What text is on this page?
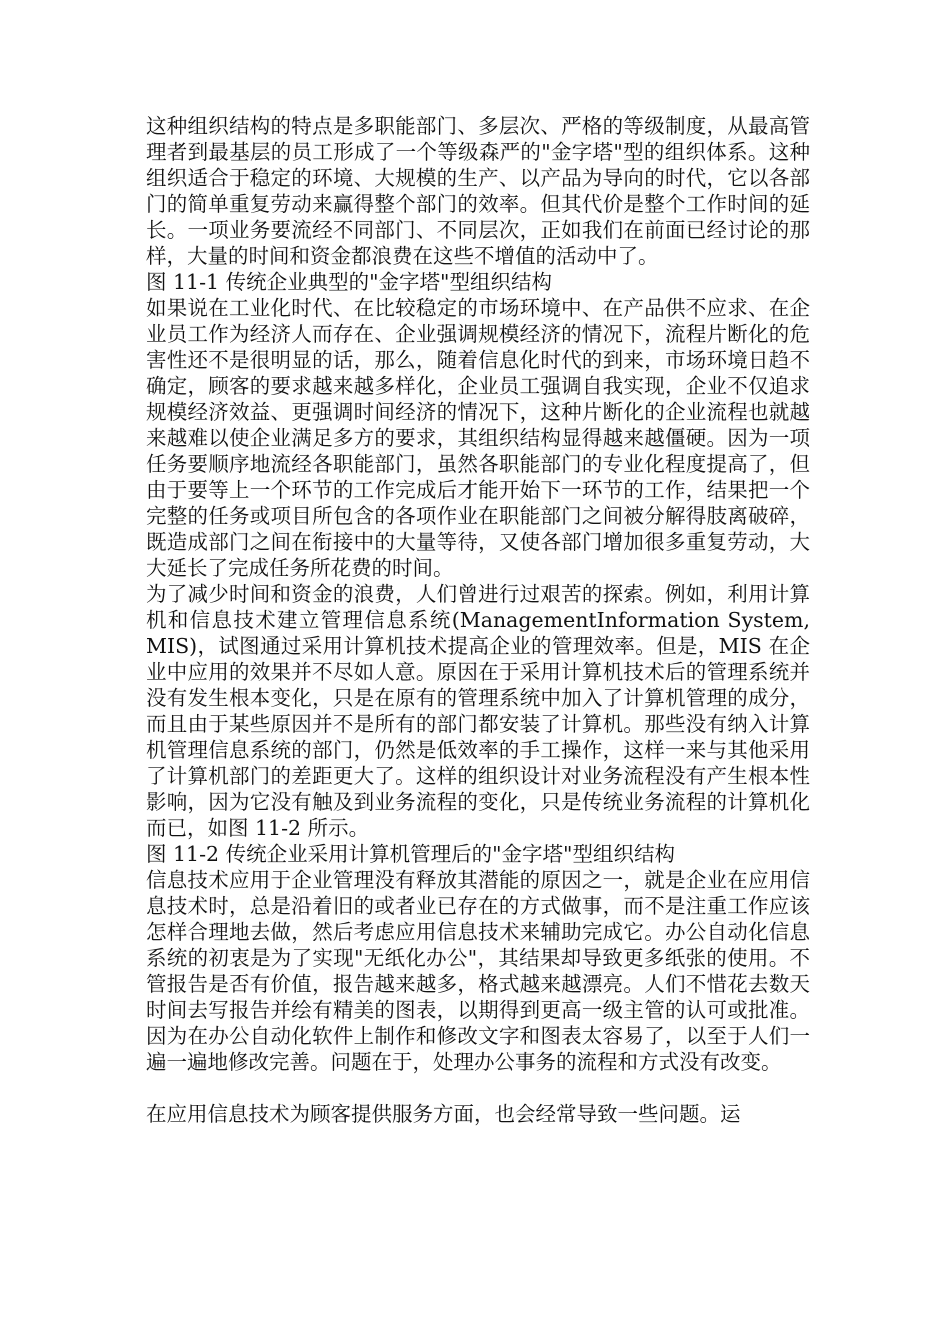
这种组织结构的特点是多职能部门、多层次、严格的等级制度，从最高管理者到最基层的员工形成了一个等级森严的"金字塔"型的组织体系。这种组织适合于稳定的环境、大规模的生产、以产品为导向的时代，它以各部门的简单重复劳动来赢得整个部门的效率。但其代价是整个工作时间的延长。一项业务要流经不同部门、不同层次，正如我们在前面已经讨论的那样，大量的时间和资金都浪费在这些不增值的活动中了。

图 11-1 传统企业典型的"金字塔"型组织结构

如果说在工业化时代、在比较稳定的市场环境中、在产品供不应求、在企业员工作为经济人而存在、企业强调规模经济的情况下，流程片断化的危害性还不是很明显的话，那么，随着信息化时代的到来，市场环境日趋不确定，顾客的要求越来越多样化，企业员工强调自我实现，企业不仅追求规模经济效益、更强调时间经济的情况下，这种片断化的企业流程也就越来越难以使企业满足多方的要求，其组织结构显得越来越僵硬。因为一项任务要顺序地流经各职能部门，虽然各职能部门的专业化程度提高了，但由于要等上一个环节的工作完成后才能开始下一环节的工作，结果把一个完整的任务或项目所包含的各项作业在职能部门之间被分解得肢离破碎，既造成部门之间在衔接中的大量等待，又使各部门增加很多重复劳动，大大延长了完成任务所花费的时间。

为了减少时间和资金的浪费，人们曾进行过艰苦的探索。例如，利用计算机和信息技术建立管理信息系统(ManagementInformation System, MIS)，试图通过采用计算机技术提高企业的管理效率。但是，MIS 在企业中应用的效果并不尽如人意。原因在于采用计算机技术后的管理系统并没有发生根本变化，只是在原有的管理系统中加入了计算机管理的成分，而且由于某些原因并不是所有的部门都安装了计算机。那些没有纳入计算机管理信息系统的部门，仍然是低效率的手工操作，这样一来与其他采用了计算机部门的差距更大了。这样的组织设计对业务流程没有产生根本性影响，因为它没有触及到业务流程的变化，只是传统业务流程的计算机化而已，如图 11-2 所示。

图 11-2 传统企业采用计算机管理后的"金字塔"型组织结构

信息技术应用于企业管理没有释放其潜能的原因之一，就是企业在应用信息技术时，总是沿着旧的或者业已存在的方式做事，而不是注重工作应该怎样合理地去做，然后考虑应用信息技术来辅助完成它。办公自动化信息系统的初衷是为了实现"无纸化办公"，其结果却导致更多纸张的使用。不管报告是否有价值，报告越来越多，格式越来越漂亮。人们不惜花去数天时间去写报告并绘有精美的图表，以期得到更高一级主管的认可或批准。因为在办公自动化软件上制作和修改文字和图表太容易了，以至于人们一遍一遍地修改完善。问题在于，处理办公事务的流程和方式没有改变。

在应用信息技术为顾客提供服务方面，也会经常导致一些问题。运
